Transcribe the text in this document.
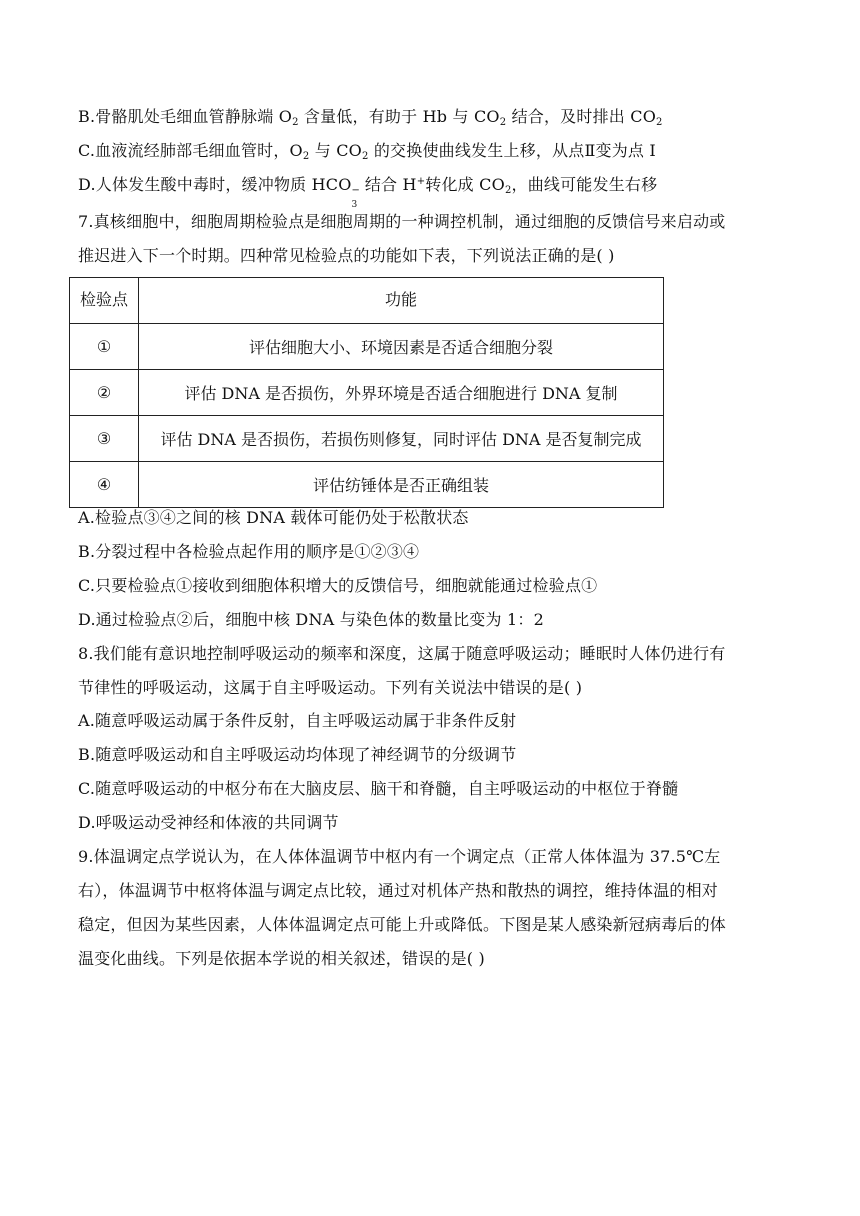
B.骨骼肌处毛细血管静脉端 $O_2$ 含量低，有助于 Hb 与 $CO_2$ 结合，及时排出 $CO_2$
C.血液流经肺部毛细血管时，$O_2$ 与 $CO_2$ 的交换使曲线发生上移，从点Ⅱ变为点 I
D.人体发生酸中毒时，缓冲物质 HCO −
3
结合 H+转化成 $CO_2$，曲线可能发生右移
7.真核细胞中，细胞周期检验点是细胞周期的一种调控机制，通过细胞的反馈信号来启动或
推迟进入下一个时期。四种常见检验点的功能如下表，下列说法正确的是( )
检验点	功能
①	评估细胞大小、环境因素是否适合细胞分裂
②	评估 DNA 是否损伤，外界环境是否适合细胞进行 DNA 复制
③	评估 DNA 是否损伤，若损伤则修复，同时评估 DNA 是否复制完成
④	评估纺锤体是否正确组装
A.检验点③④之间的核 DNA 载体可能仍处于松散状态
B.分裂过程中各检验点起作用的顺序是①②③④
C.只要检验点①接收到细胞体积增大的反馈信号，细胞就能通过检验点①
D.通过检验点②后，细胞中核 DNA 与染色体的数量比变为 1：2
8.我们能有意识地控制呼吸运动的频率和深度，这属于随意呼吸运动；睡眠时人体仍进行有
节律性的呼吸运动，这属于自主呼吸运动。下列有关说法中错误的是( )
A.随意呼吸运动属于条件反射，自主呼吸运动属于非条件反射
B.随意呼吸运动和自主呼吸运动均体现了神经调节的分级调节
C.随意呼吸运动的中枢分布在大脑皮层、脑干和脊髓，自主呼吸运动的中枢位于脊髓
D.呼吸运动受神经和体液的共同调节
9.体温调定点学说认为，在人体体温调节中枢内有一个调定点（正常人体体温为 37.5℃左
右），体温调节中枢将体温与调定点比较，通过对机体产热和散热的调控，维持体温的相对
稳定，但因为某些因素，人体体温调定点可能上升或降低。下图是某人感染新冠病毒后的体
温变化曲线。下列是依据本学说的相关叙述，错误的是( )
